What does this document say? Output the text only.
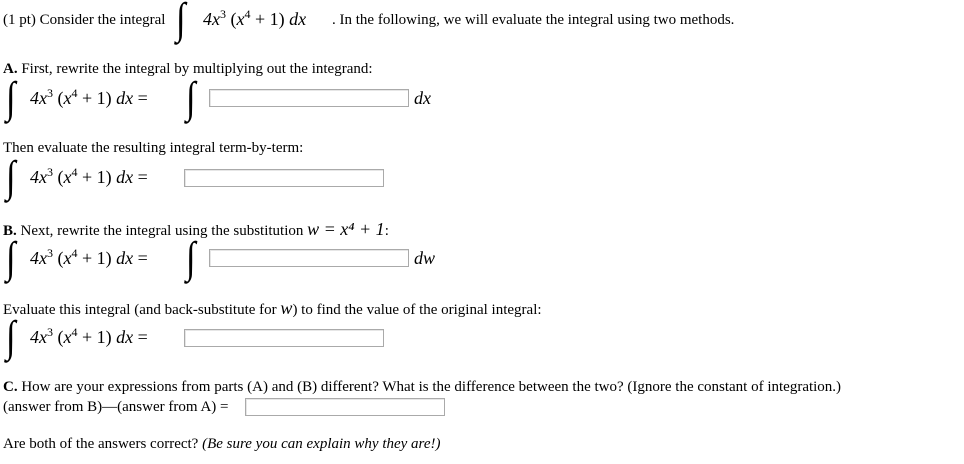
(1 pt) Consider the integral ∫ $4x^3$ $(x^4 + 1)$ dx . In the following, we will evaluate the integral using two methods.
A. First, rewrite the integral by multiplying out the integrand:
∫ $4x^3$ $(x^4 + 1)$ dx = ∫	dx
Then evaluate the resulting integral term-by-term:
∫ $4x^3$ $(x^4 + 1)$ dx =
B. Next, rewrite the integral using the substitution w = x⁴ + 1:
∫ $4x^3$ $(x^4 + 1)$ dx = ∫	dw
Evaluate this integral (and back-substitute for w) to find the value of the original integral:
∫ $4x^3$ $(x^4 + 1)$ dx =
C. How are your expressions from parts (A) and (B) different? What is the difference between the two? (Ignore the constant of integration.)
(answer from B)—(answer from A) =
Are both of the answers correct? (Be sure you can explain why they are!)
